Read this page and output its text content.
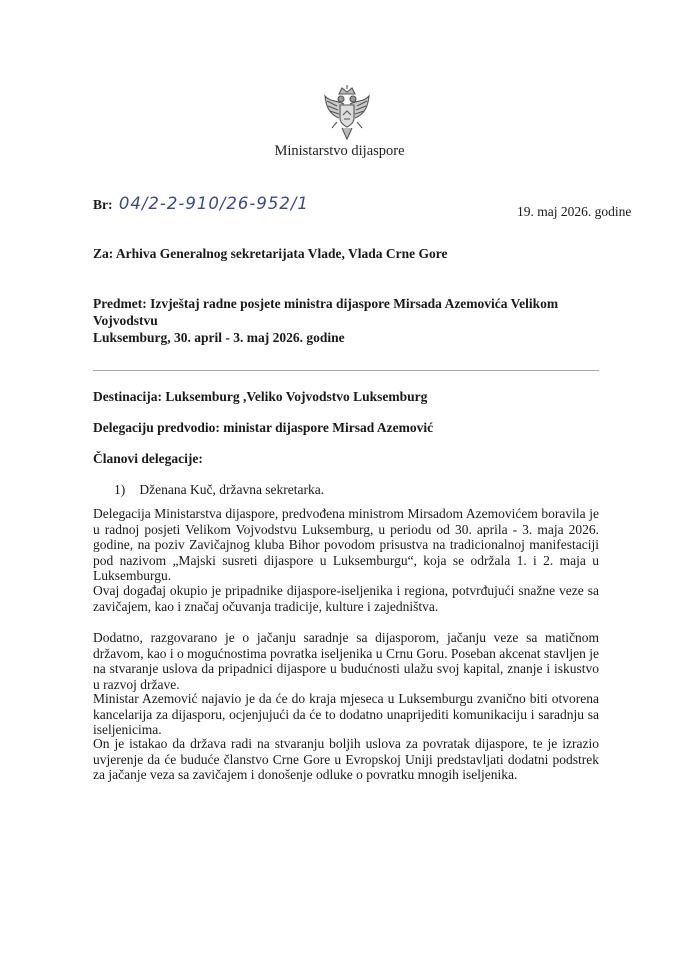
Ministarstvo dijaspore
Br: 04/2-2-910/26-952/1	19. maj 2026. godine
Za: Arhiva Generalnog sekretarijata Vlade, Vlada Crne Gore
Predmet: Izvještaj radne posjete ministra dijaspore Mirsada Azemovića Velikom Vojvodstvu
Luksemburg, 30. april - 3. maj 2026. godine
Destinacija: Luksemburg ,Veliko Vojvodstvo Luksemburg
Delegaciju predvodio: ministar dijaspore Mirsad Azemović
Članovi delegacije:
1) Dženana Kuč, državna sekretarka.
Delegacija Ministarstva dijaspore, predvođena ministrom Mirsadom Azemovićem boravila je u radnoj posjeti Velikom Vojvodstvu Luksemburg, u periodu od 30. aprila - 3. maja 2026. godine, na poziv Zavičajnog kluba Bihor povodom prisustva na tradicionalnoj manifestaciji pod nazivom „Majski susreti dijaspore u Luksemburgu“, koja se održala 1. i 2. maja u Luksemburgu.
Ovaj događaj okupio je pripadnike dijaspore-iseljenika i regiona, potvrđujući snažne veze sa zavičajem, kao i značaj očuvanja tradicije, kulture i zajedništva.
Dodatno, razgovarano je o jačanju saradnje sa dijasporom, jačanju veze sa matičnom državom, kao i o mogućnostima povratka iseljenika u Crnu Goru. Poseban akcenat stavljen je na stvaranje uslova da pripadnici dijaspore u budućnosti ulažu svoj kapital, znanje i iskustvo u razvoj države.
Ministar Azemović najavio je da će do kraja mjeseca u Luksemburgu zvanično biti otvorena kancelarija za dijasporu, ocjenjujući da će to dodatno unaprijediti komunikaciju i saradnju sa iseljenicima.
On je istakao da država radi na stvaranju boljih uslova za povratak dijaspore, te je izrazio uvjerenje da će buduće članstvo Crne Gore u Evropskoj Uniji predstavljati dodatni podstrek za jačanje veza sa zavičajem i donošenje odluke o povratku mnogih iseljenika.
